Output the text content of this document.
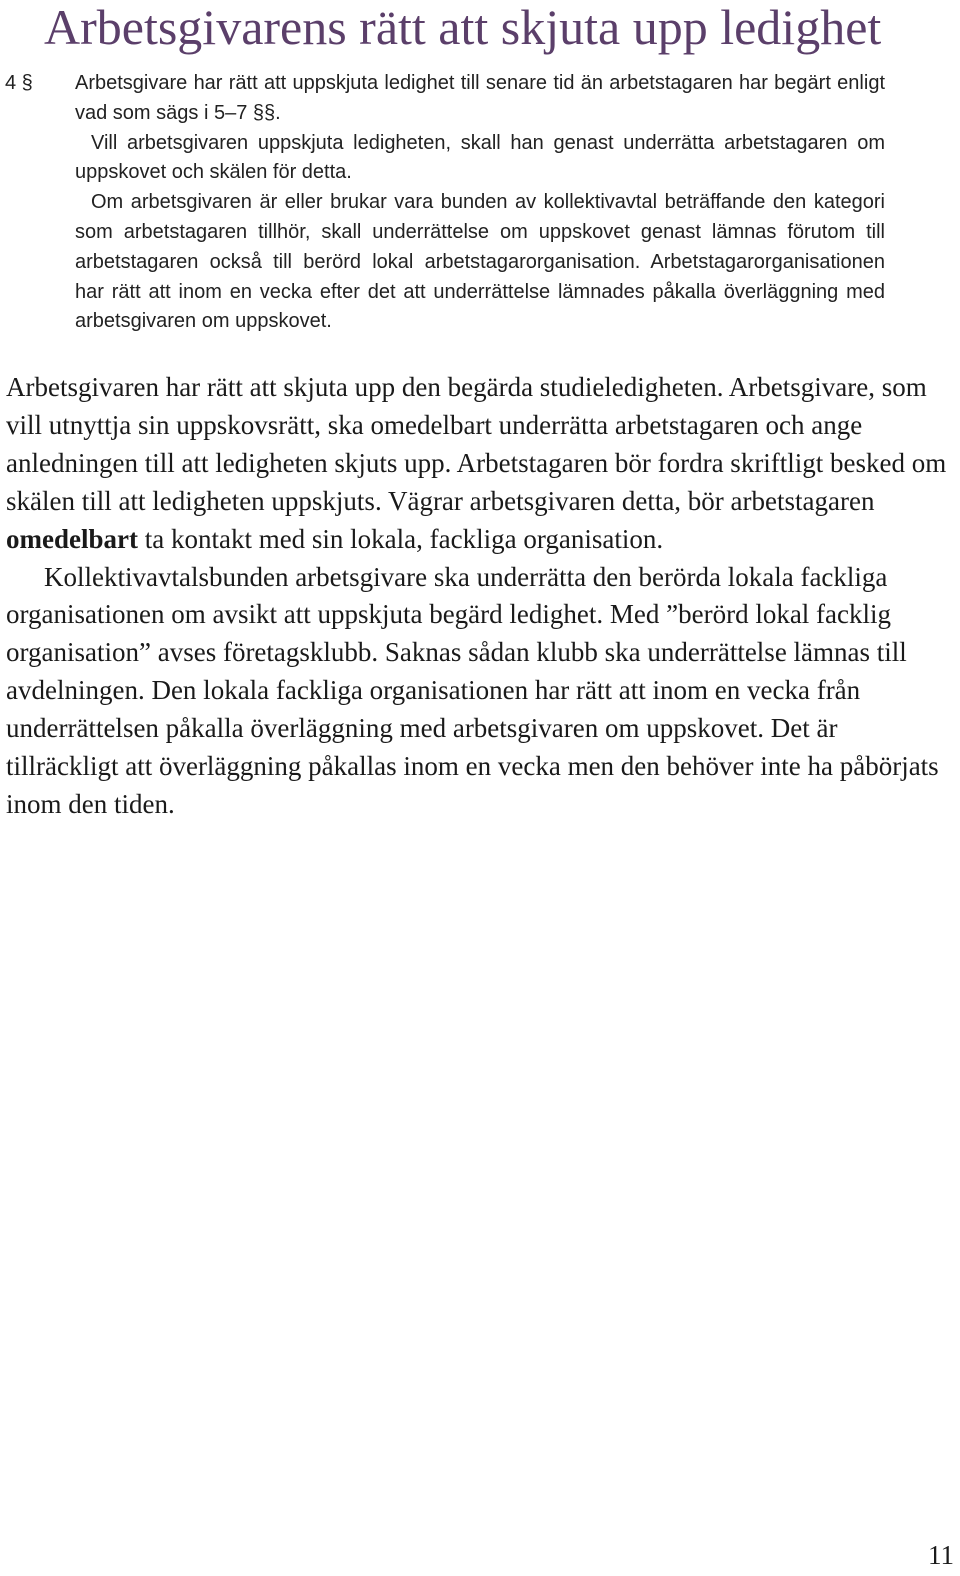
Arbetsgivarens rätt att skjuta upp ledighet
4 § Arbetsgivare har rätt att uppskjuta ledighet till senare tid än arbetstagaren har begärt enligt vad som sägs i 5–7 §§.

Vill arbetsgivaren uppskjuta ledigheten, skall han genast underrätta arbetstagaren om uppskovet och skälen för detta.

Om arbetsgivaren är eller brukar vara bunden av kollektivavtal beträffande den kategori som arbetstagaren tillhör, skall underrättelse om uppskovet genast lämnas förutom till arbetstagaren också till berörd lokal arbetstagarorganisation. Arbetstagarorganisationen har rätt att inom en vecka efter det att underrättelse lämnades påkalla överläggning med arbetsgivaren om uppskovet.

Arbetsgivaren har rätt att skjuta upp den begärda studieledigheten. Arbetsgivare, som vill utnyttja sin uppskovsrätt, ska omedelbart underrätta arbetstagaren och ange anledningen till att ledigheten skjuts upp. Arbetstagaren bör fordra skriftligt besked om skälen till att ledigheten uppskjuts. Vägrar arbetsgivaren detta, bör arbetstagaren omedelbart ta kontakt med sin lokala, fackliga organisation.

Kollektivavtalsbunden arbetsgivare ska underrätta den berörda lokala fackliga organisationen om avsikt att uppskjuta begärd ledighet. Med ”berörd lokal facklig organisation” avses företagsklubb. Saknas sådan klubb ska underrättelse lämnas till avdelningen. Den lokala fackliga organisationen har rätt att inom en vecka från underrättelsen påkalla överläggning med arbetsgivaren om uppskovet. Det är tillräckligt att överläggning påkallas inom en vecka men den behöver inte ha påbörjats inom den tiden.

11
